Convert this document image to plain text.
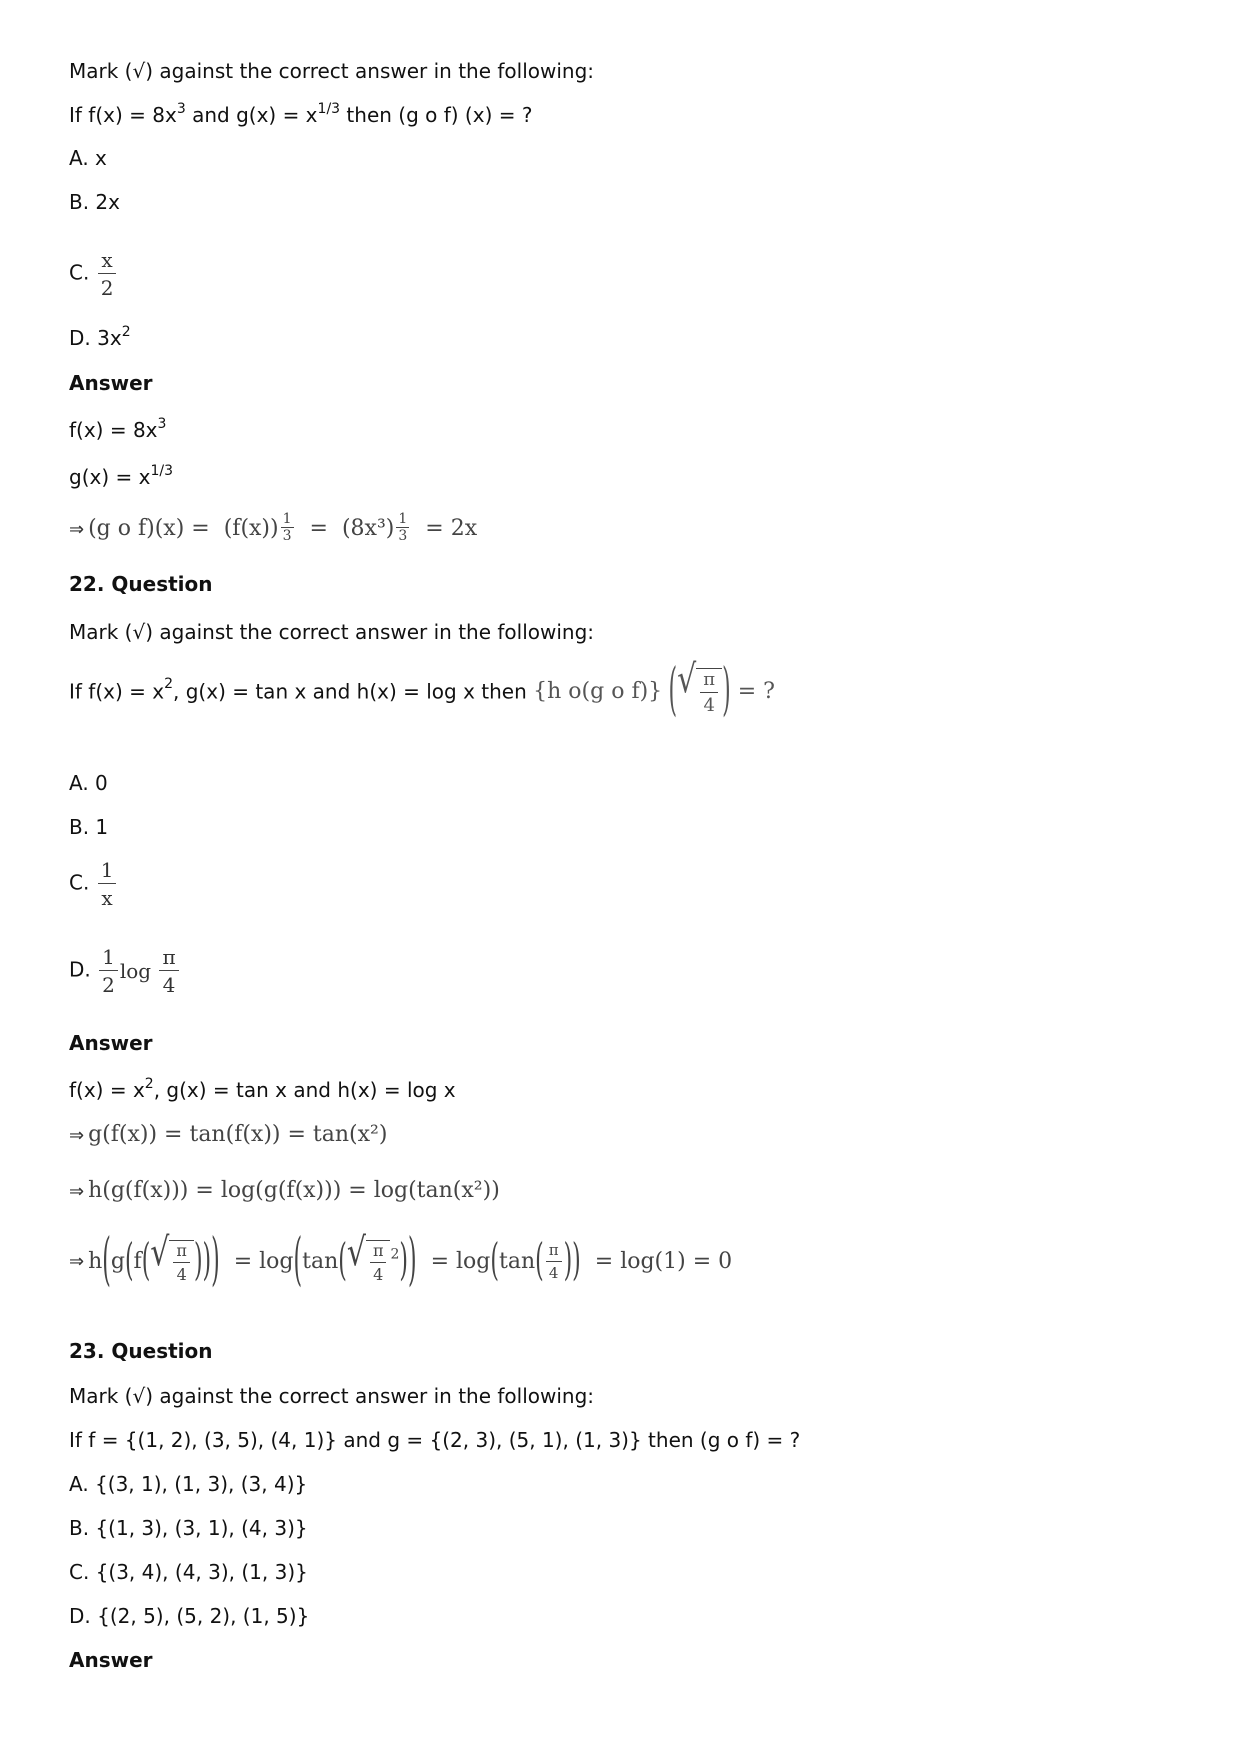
Mark (√) against the correct answer in the following:
If $f(x) = 8x^3$ and $g(x) = x^{1/3}$ then (g o f) (x) = ?
A. x
B. 2x
C. $\frac{x}{2}$
D. $3x^2$
Answer
$f(x) = 8x^3$
$g(x) = x^{1/3}$
⇒ (g o $f)(x) = (f(x)) \frac{1}{3} = (8x^3) \frac{1}{3} = 2x$
22. Question
Mark (√) against the correct answer in the following:
If $f(x) = x^2$, g(x) = tan x and h(x) = log x then {h o(g o f)} ( √ $\frac{\pi}{4}$ ) = ?
A. 0
B. 1
C. $\frac{1}{x}$
D. $\frac{1}{2}$ $\log \frac{\pi}{4}$
Answer
$f(x) = x^2$, g(x) = tan x and h(x) = log x
⇒ g(f(x)) = tan(f(x)) = tan(x²)
⇒ h(g(f(x))) = log(g(f(x))) = log(tan(x²))
⇒ h(g(f( √ $\frac{\pi}{4}$ ))) = log(tan( √ $\frac{\pi}{4} ^2)) = \log(\tan( \frac{\pi}{4}$ )) = log(1) = 0
23. Question
Mark (√) against the correct answer in the following:
If f = {(1, 2), (3, 5), (4, 1)} and g = {(2, 3), (5, 1), (1, 3)} then (g o f) = ?
A. {(3, 1), (1, 3), (3, 4)}
B. {(1, 3), (3, 1), (4, 3)}
C. {(3, 4), (4, 3), (1, 3)}
D. {(2, 5), (5, 2), (1, 5)}
Answer
